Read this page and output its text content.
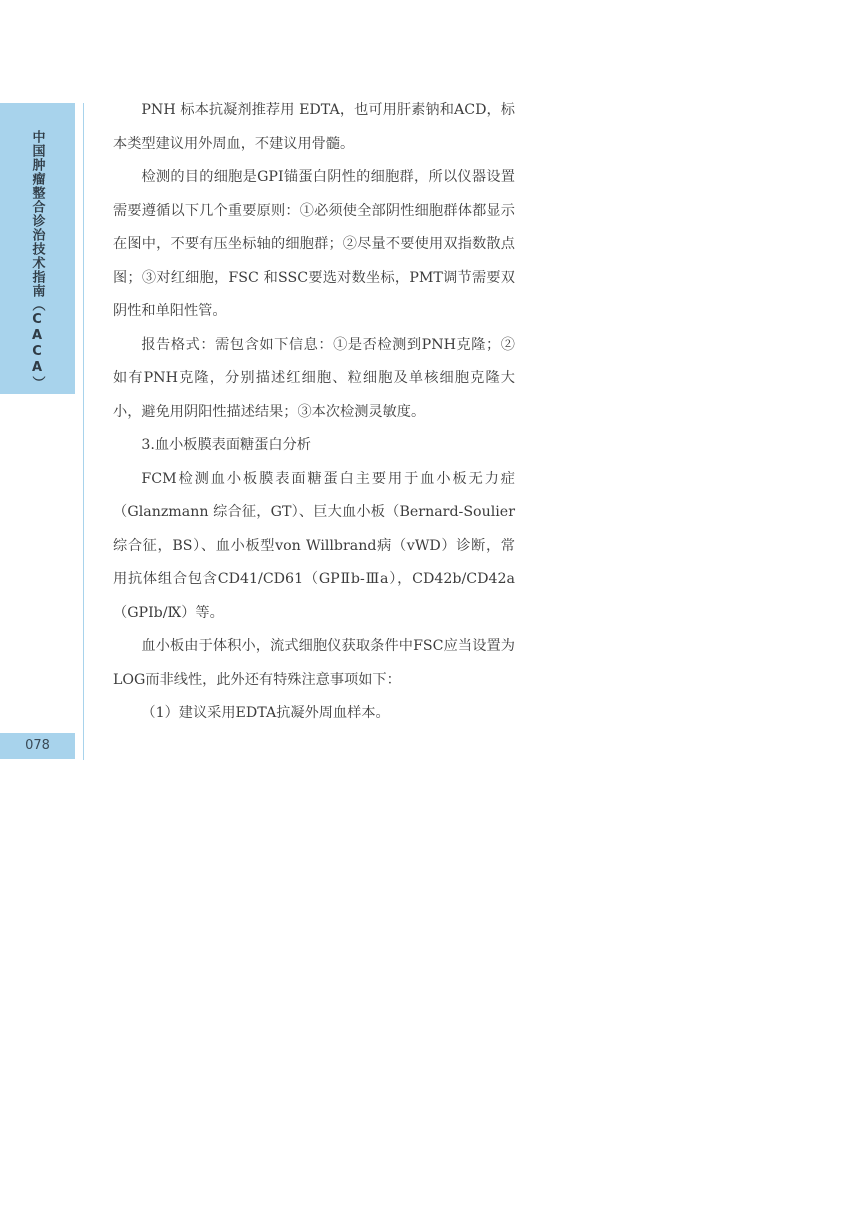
中国肿瘤整合诊治技术指南（CACA）
078

PNH 标本抗凝剂推荐用 EDTA，也可用肝素钠和ACD，标本类型建议用外周血，不建议用骨髓。

检测的目的细胞是GPI锚蛋白阴性的细胞群，所以仪器设置需要遵循以下几个重要原则：①必须使全部阴性细胞群体都显示在图中，不要有压坐标轴的细胞群；②尽量不要使用双指数散点图；③对红细胞，FSC 和SSC要选对数坐标，PMT调节需要双阴性和单阳性管。

报告格式：需包含如下信息：①是否检测到PNH克隆；②如有PNH克隆，分别描述红细胞、粒细胞及单核细胞克隆大小，避免用阴阳性描述结果；③本次检测灵敏度。

3.血小板膜表面糖蛋白分析

FCM检测血小板膜表面糖蛋白主要用于血小板无力症（Glanzmann 综合征，GT）、巨大血小板（Bernard-Soulier综合征，BS）、血小板型von Willbrand病（vWD）诊断，常用抗体组合包含CD41/CD61（GPⅡb-Ⅲa），CD42b/CD42a（GPⅠb/Ⅸ）等。

血小板由于体积小，流式细胞仪获取条件中FSC应当设置为LOG而非线性，此外还有特殊注意事项如下：

（1）建议采用EDTA抗凝外周血样本。
